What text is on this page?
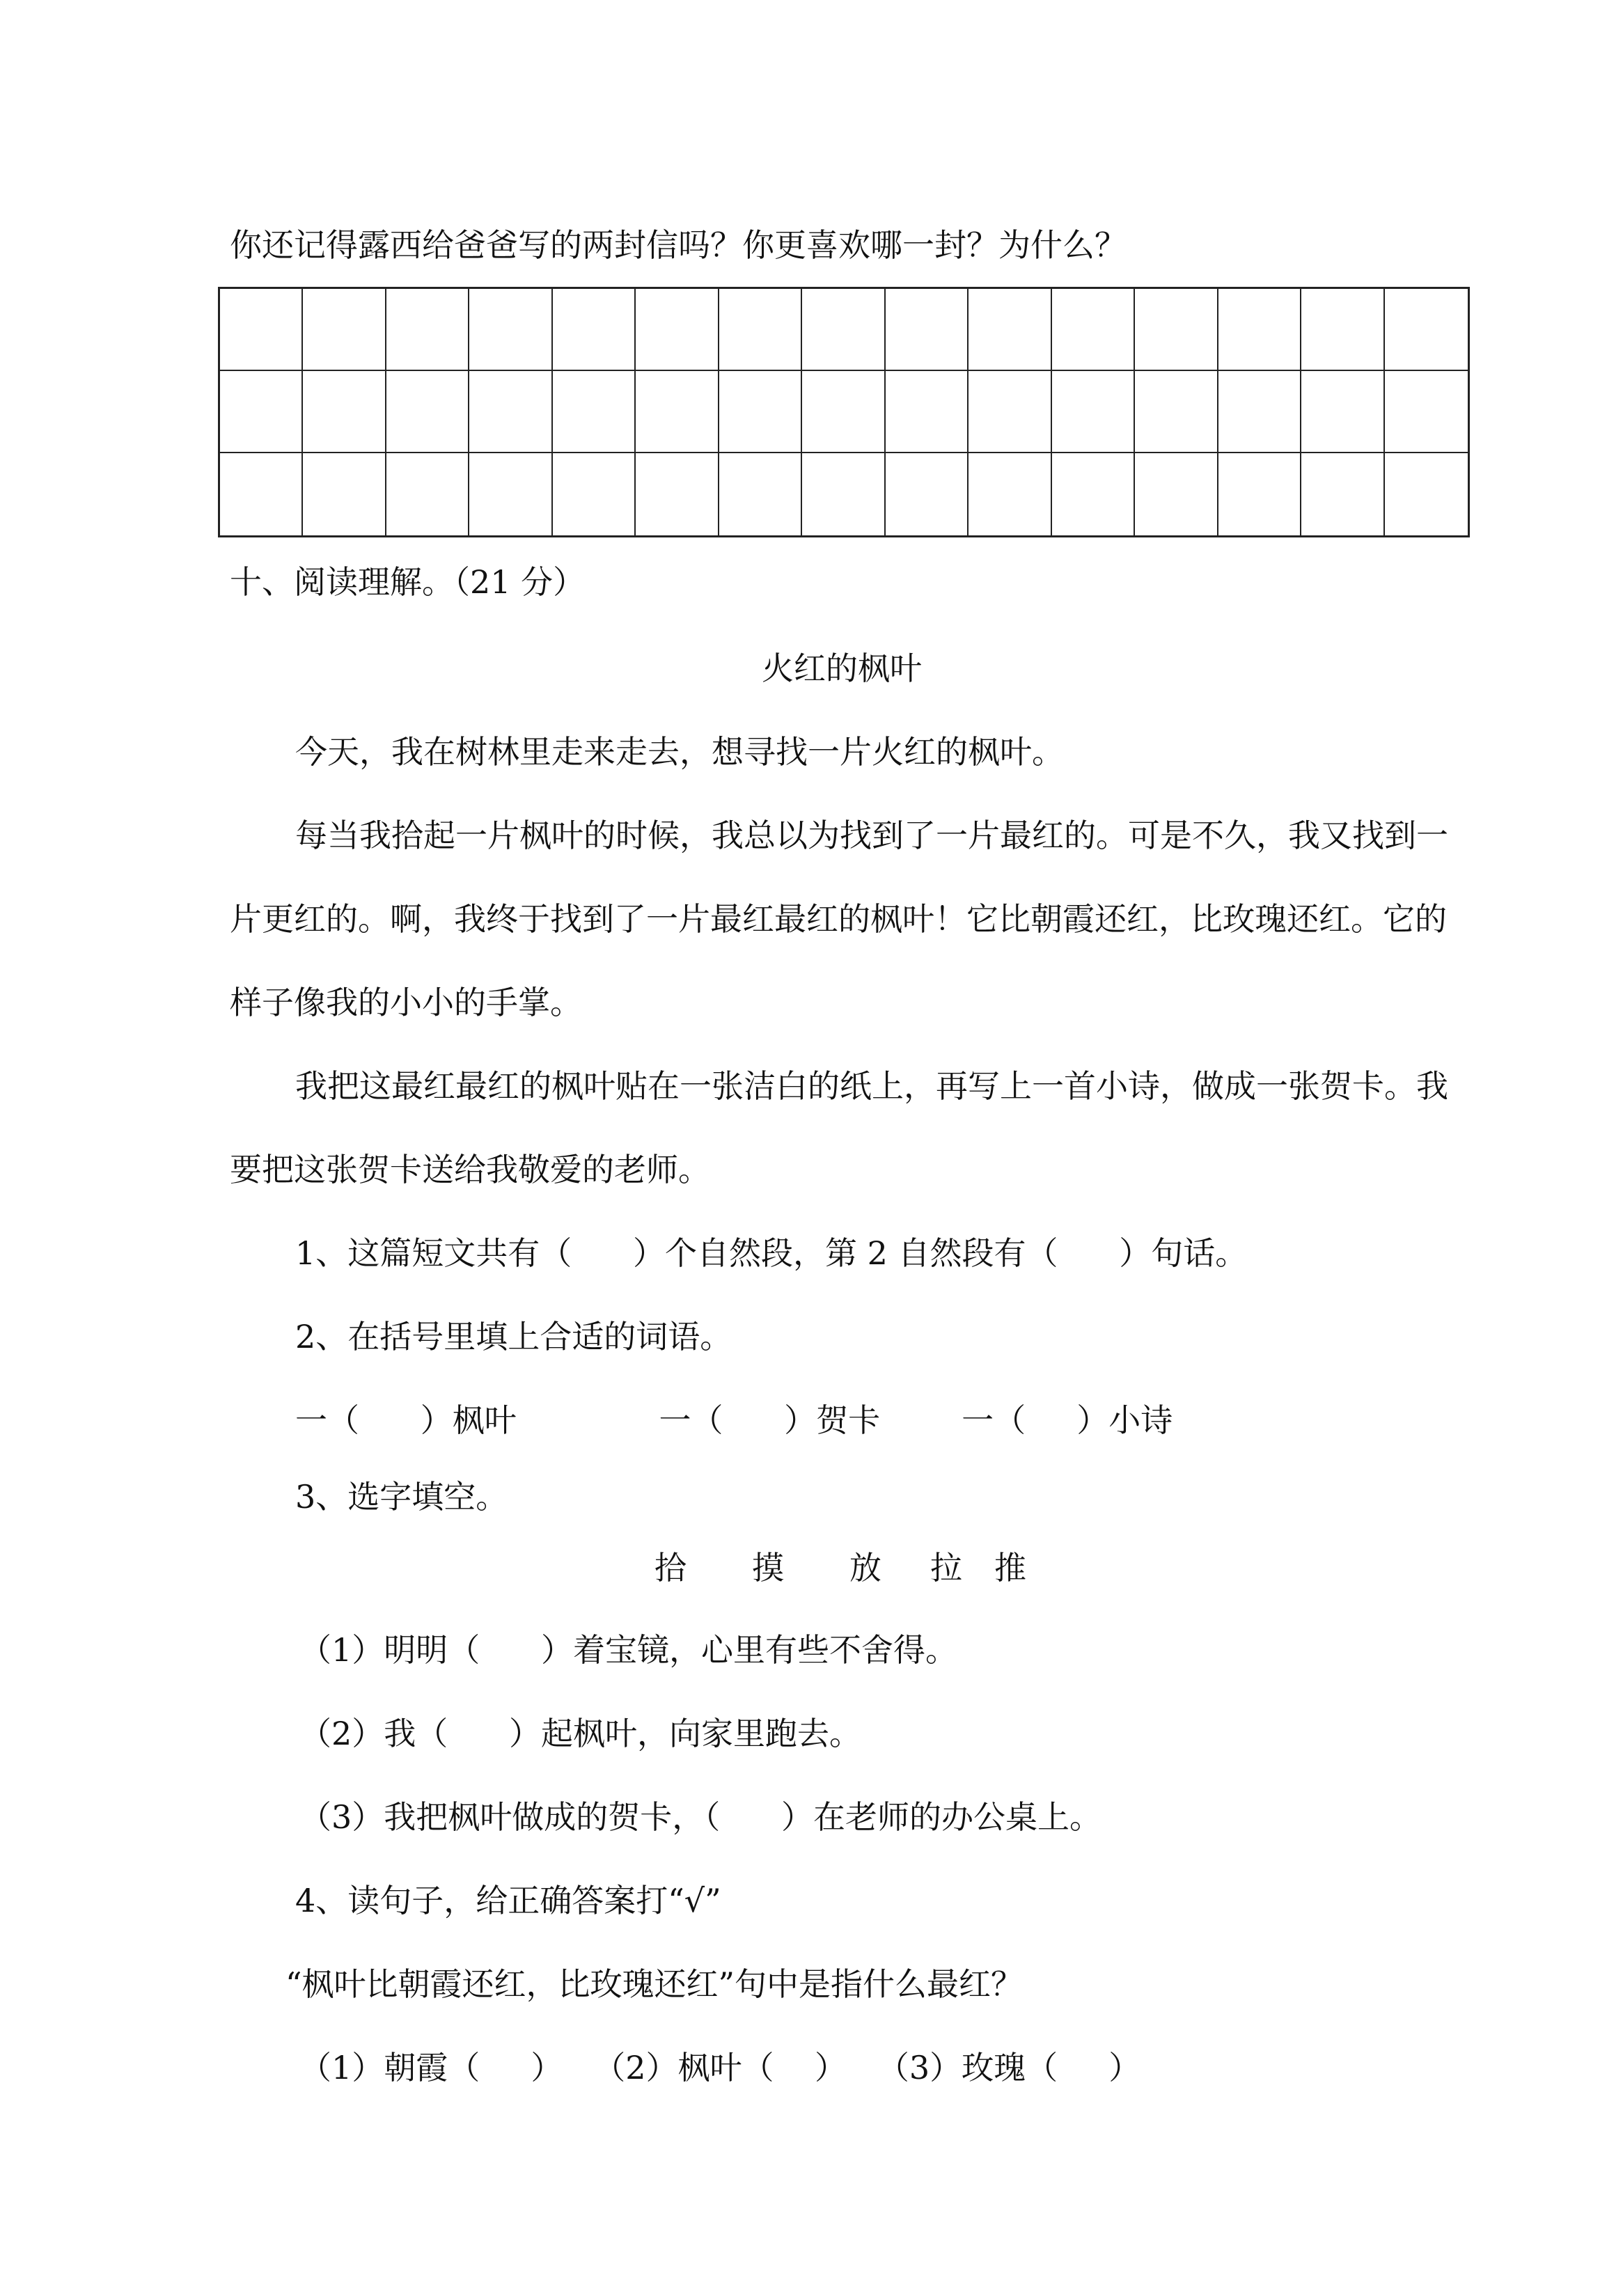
你还记得露西给爸爸写的两封信吗？你更喜欢哪一封？为什么？
十、阅读理解。（21 分）
火红的枫叶
今天，我在树林里走来走去，想寻找一片火红的枫叶。
每当我拾起一片枫叶的时候，我总以为找到了一片最红的。可是不久，我又找到一
片更红的。啊，我终于找到了一片最红最红的枫叶！它比朝霞还红，比玫瑰还红。它的
样子像我的小小的手掌。
我把这最红最红的枫叶贴在一张洁白的纸上，再写上一首小诗，做成一张贺卡。我
要把这张贺卡送给我敬爱的老师。
1、这篇短文共有（      ）个自然段，第 2 自然段有（      ）句话。
2、在括号里填上合适的词语。
一（      ）枫叶              一（      ）贺卡        一（     ）小诗
3、选字填空。
拾 摸 放 拉 推
（1）明明（      ）着宝镜，心里有些不舍得。
（2）我（      ）起枫叶，向家里跑去。
（3）我把枫叶做成的贺卡，（      ）在老师的办公桌上。
4、读句子，给正确答案打“√”
“枫叶比朝霞还红，比玫瑰还红”句中是指什么最红？
（1）朝霞（     ）   （2）枫叶（    ）   （3）玫瑰（     ）
